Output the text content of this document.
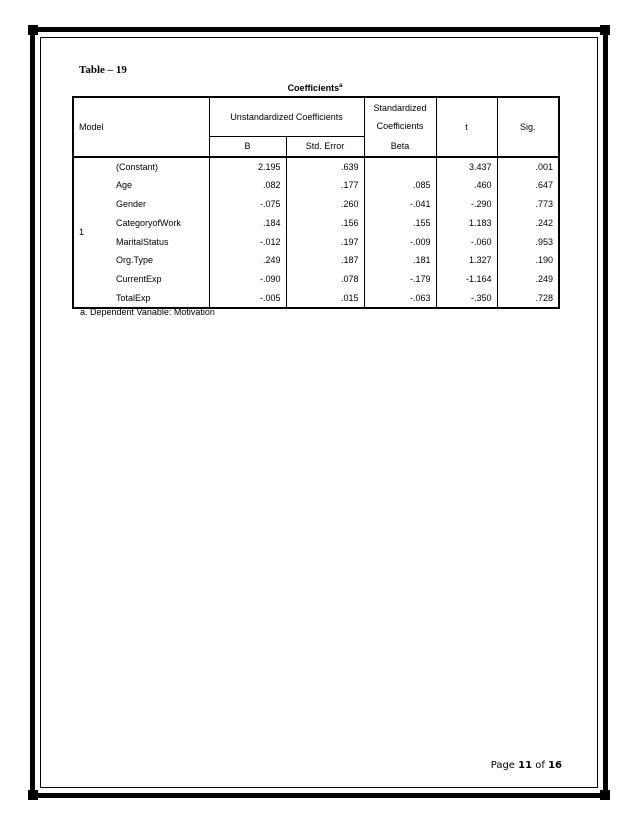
Table – 19
Coefficients$^a$
Model		Unstandardized Coefficients		Standardized
Coefficients	t	Sig.
		B	Std. Error	Beta		
1	(Constant)	2.195	.639		3.437	.001
	Age	.082	.177	.085	.460	.647
	Gender	-.075	.260	-.041	-.290	.773
	CategoryofWork	.184	.156	.155	1.183	.242
	MaritalStatus	-.012	.197	-.009	-.060	.953
	Org.Type	.249	.187	.181	1.327	.190
	CurrentExp	-.090	.078	-.179	-1.164	.249
	TotalExp	-.005	.015	-.063	-.350	.728
a. Dependent Variable: Motivation
Page 11 of 16
